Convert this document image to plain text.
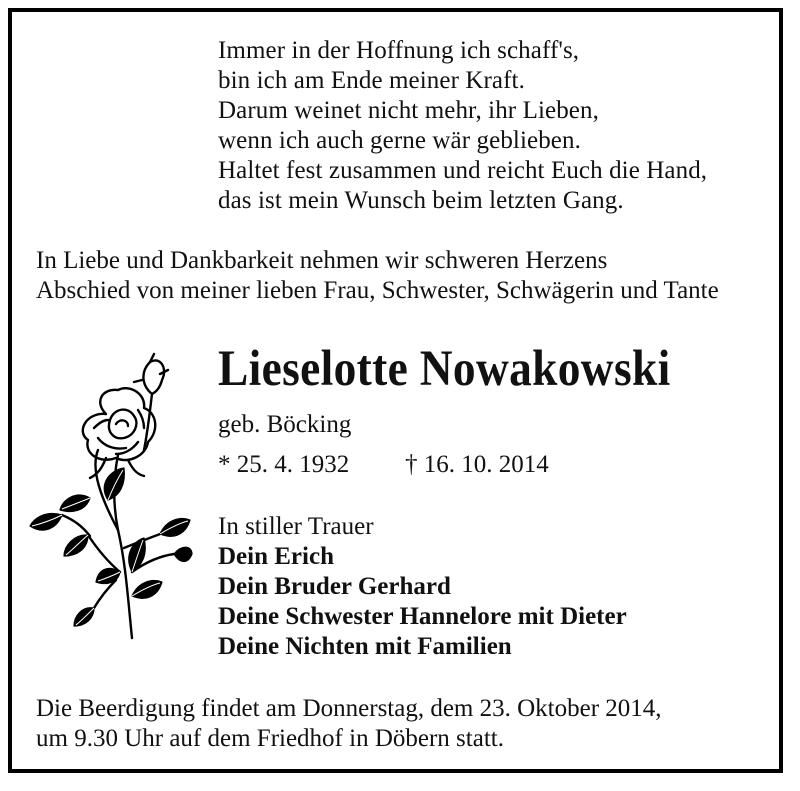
Immer in der Hoffnung ich schaff's,
bin ich am Ende meiner Kraft.
Darum weinet nicht mehr, ihr Lieben,
wenn ich auch gerne wär geblieben.
Haltet fest zusammen und reicht Euch die Hand,
das ist mein Wunsch beim letzten Gang.
In Liebe und Dankbarkeit nehmen wir schweren Herzens
Abschied von meiner lieben Frau, Schwester, Schwägerin und Tante
Lieselotte Nowakowski
geb. Böcking
* 25. 4. 1932 † 16. 10. 2014
In stiller Trauer
Dein Erich
Dein Bruder Gerhard
Deine Schwester Hannelore mit Dieter
Deine Nichten mit Familien
Die Beerdigung findet am Donnerstag, dem 23. Oktober 2014,
um 9.30 Uhr auf dem Friedhof in Döbern statt.
